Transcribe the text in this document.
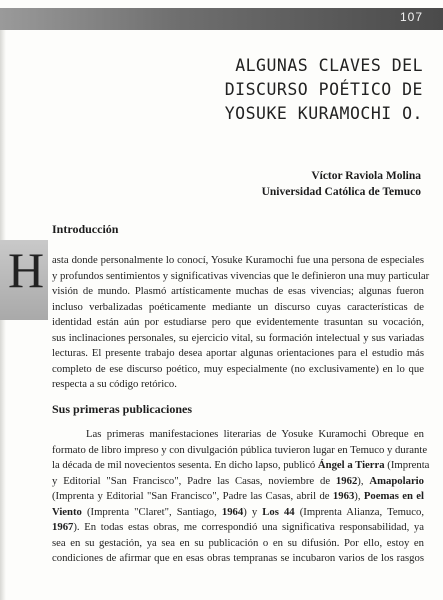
107
ALGUNAS CLAVES DEL
DISCURSO POÉTICO DE
YOSUKE KURAMOCHI O.
Víctor Raviola Molina
Universidad Católica de Temuco
Introducción
H asta donde personalmente lo conocí, Yosuke Kuramochi fue una persona de especiales
y profundos sentimientos y significativas vivencias que le definieron una muy particular
visión de mundo. Plasmó artísticamente muchas de esas vivencias; algunas fueron
incluso verbalizadas poéticamente mediante un discurso cuyas características de
identidad están aún por estudiarse pero que evidentemente trasuntan su vocación,
sus inclinaciones personales, su ejercicio vital, su formación intelectual y sus variadas
lecturas. El presente trabajo desea aportar algunas orientaciones para el estudio más
completo de ese discurso poético, muy especialmente (no exclusivamente) en lo que
respecta a su código retórico.
Sus primeras publicaciones
Las primeras manifestaciones literarias de Yosuke Kuramochi Obreque en
formato de libro impreso y con divulgación pública tuvieron lugar en Temuco y durante
la década de mil novecientos sesenta. En dicho lapso, publicó Ángel a Tierra (Imprenta
y Editorial "San Francisco", Padre las Casas, noviembre de 1962), Amapolario
(Imprenta y Editorial "San Francisco", Padre las Casas, abril de 1963), Poemas en el
Viento (Imprenta "Claret", Santiago, 1964) y Los 44 (Imprenta Alianza, Temuco,
1967). En todas estas obras, me correspondió una significativa responsabilidad, ya
sea en su gestación, ya sea en su publicación o en su difusión. Por ello, estoy en
condiciones de afirmar que en esas obras tempranas se incubaron varios de los rasgos
